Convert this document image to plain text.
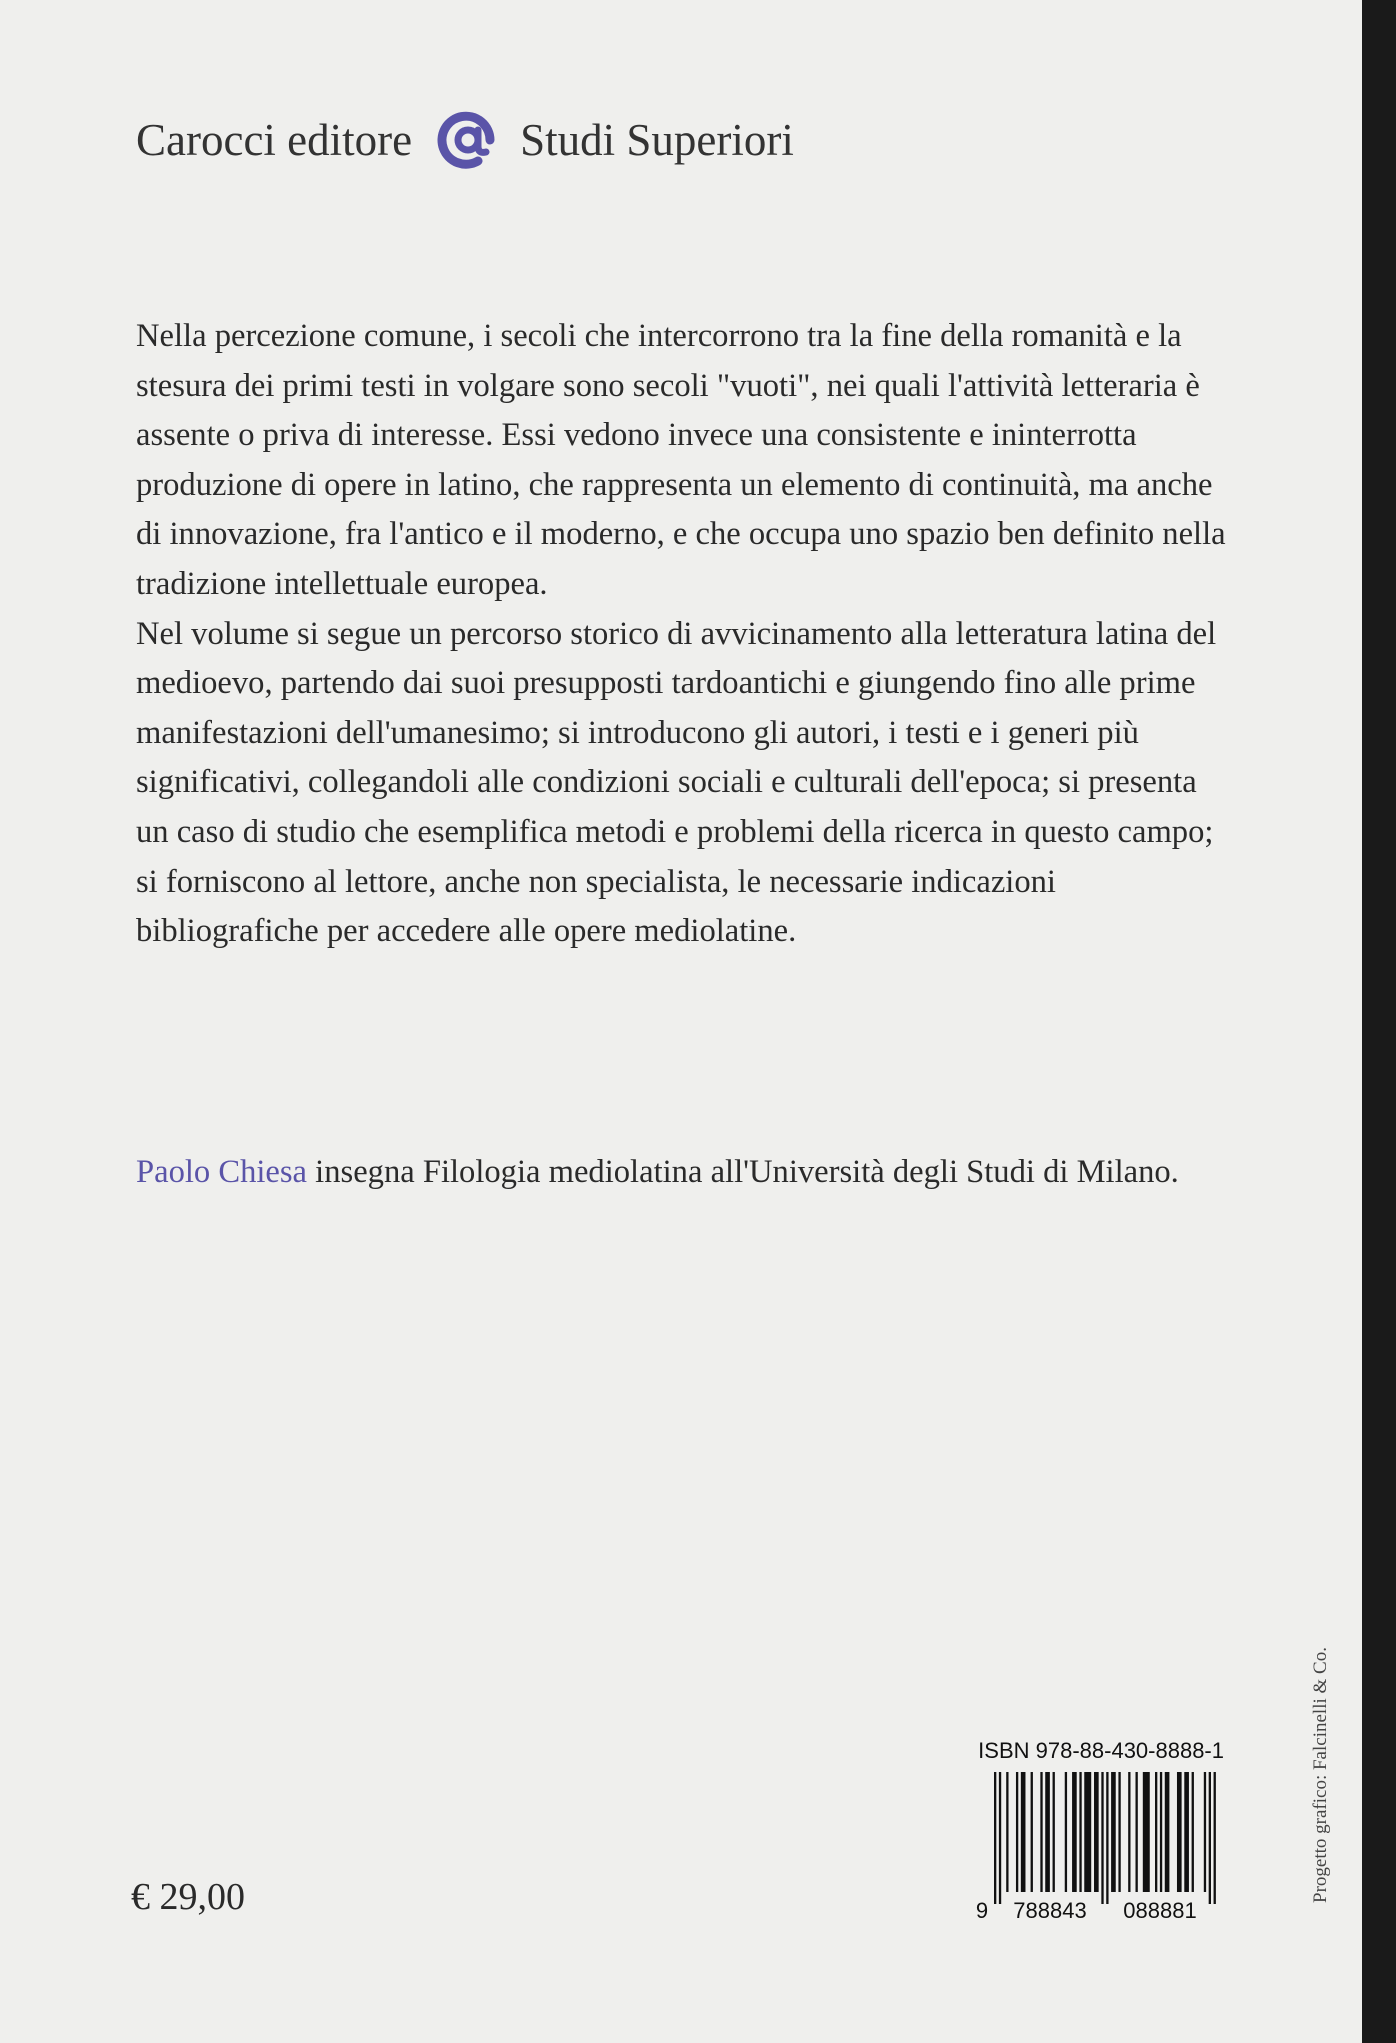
Carocci editore Studi Superiori

Nella percezione comune, i secoli che intercorrono tra la fine della romanità e la stesura dei primi testi in volgare sono secoli "vuoti", nei quali l'attività letteraria è assente o priva di interesse. Essi vedono invece una consistente e ininterrotta produzione di opere in latino, che rappresenta un elemento di continuità, ma anche di innovazione, fra l'antico e il moderno, e che occupa uno spazio ben definito nella tradizione intellettuale europea.

Nel volume si segue un percorso storico di avvicinamento alla letteratura latina del medioevo, partendo dai suoi presupposti tardoantichi e giungendo fino alle prime manifestazioni dell'umanesimo; si introducono gli autori, i testi e i generi più significativi, collegandoli alle condizioni sociali e culturali dell'epoca; si presenta un caso di studio che esemplifica metodi e problemi della ricerca in questo campo; si forniscono al lettore, anche non specialista, le necessarie indicazioni bibliografiche per accedere alle opere mediolatine.

Paolo Chiesa insegna Filologia mediolatina all'Università degli Studi di Milano.
€ 29,00
ISBN 978-88-430-8888-1
9 788843 088881
Progetto grafico: Falcinelli & Co.
